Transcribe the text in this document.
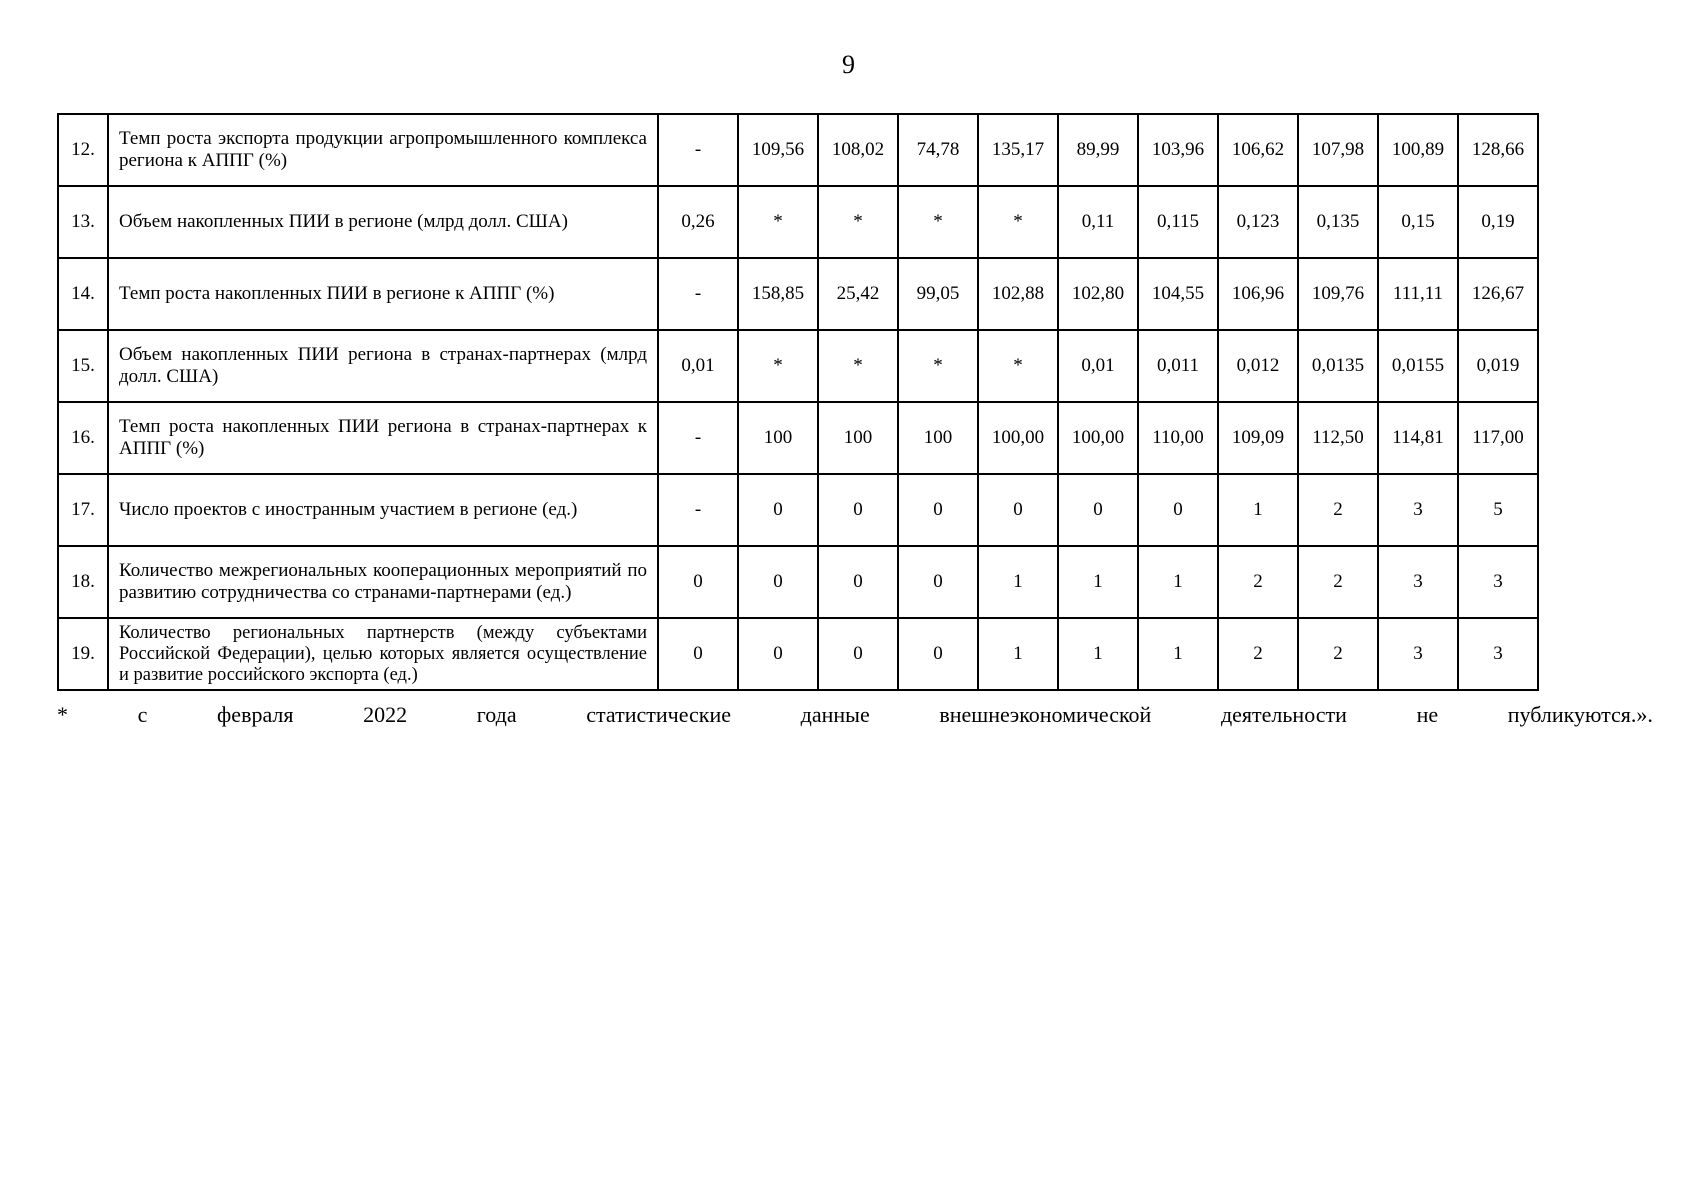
9
12.	Темп роста экспорта продукции агропромышленного комплекса региона к АППГ (%)	-	109,56	108,02	74,78	135,17	89,99	103,96	106,62	107,98	100,89	128,66
13.	Объем накопленных ПИИ в регионе (млрд долл. США)	0,26	*	*	*	*	0,11	0,115	0,123	0,135	0,15	0,19
14.	Темп роста накопленных ПИИ в регионе к АППГ (%)	-	158,85	25,42	99,05	102,88	102,80	104,55	106,96	109,76	111,11	126,67
15.	Объем накопленных ПИИ региона в странах-партнерах (млрд долл. США)	0,01	*	*	*	*	0,01	0,011	0,012	0,0135	0,0155	0,019
16.	Темп роста накопленных ПИИ региона в странах-партнерах к АППГ (%)	-	100	100	100	100,00	100,00	110,00	109,09	112,50	114,81	117,00
17.	Число проектов с иностранным участием в регионе (ед.)	-	0	0	0	0	0	0	1	2	3	5
18.	Количество межрегиональных кооперационных мероприятий по развитию сотрудничества со странами-партнерами (ед.)	0	0	0	0	1	1	1	2	2	3	3
19.	Количество региональных партнерств (между субъектами Российской Федерации), целью которых является осуществление и развитие российского экспорта (ед.)	0	0	0	0	1	1	1	2	2	3	3
*	с	февраля	2022	года	статистические	данные	внешнеэкономической	деятельности	не	публикуются.».
